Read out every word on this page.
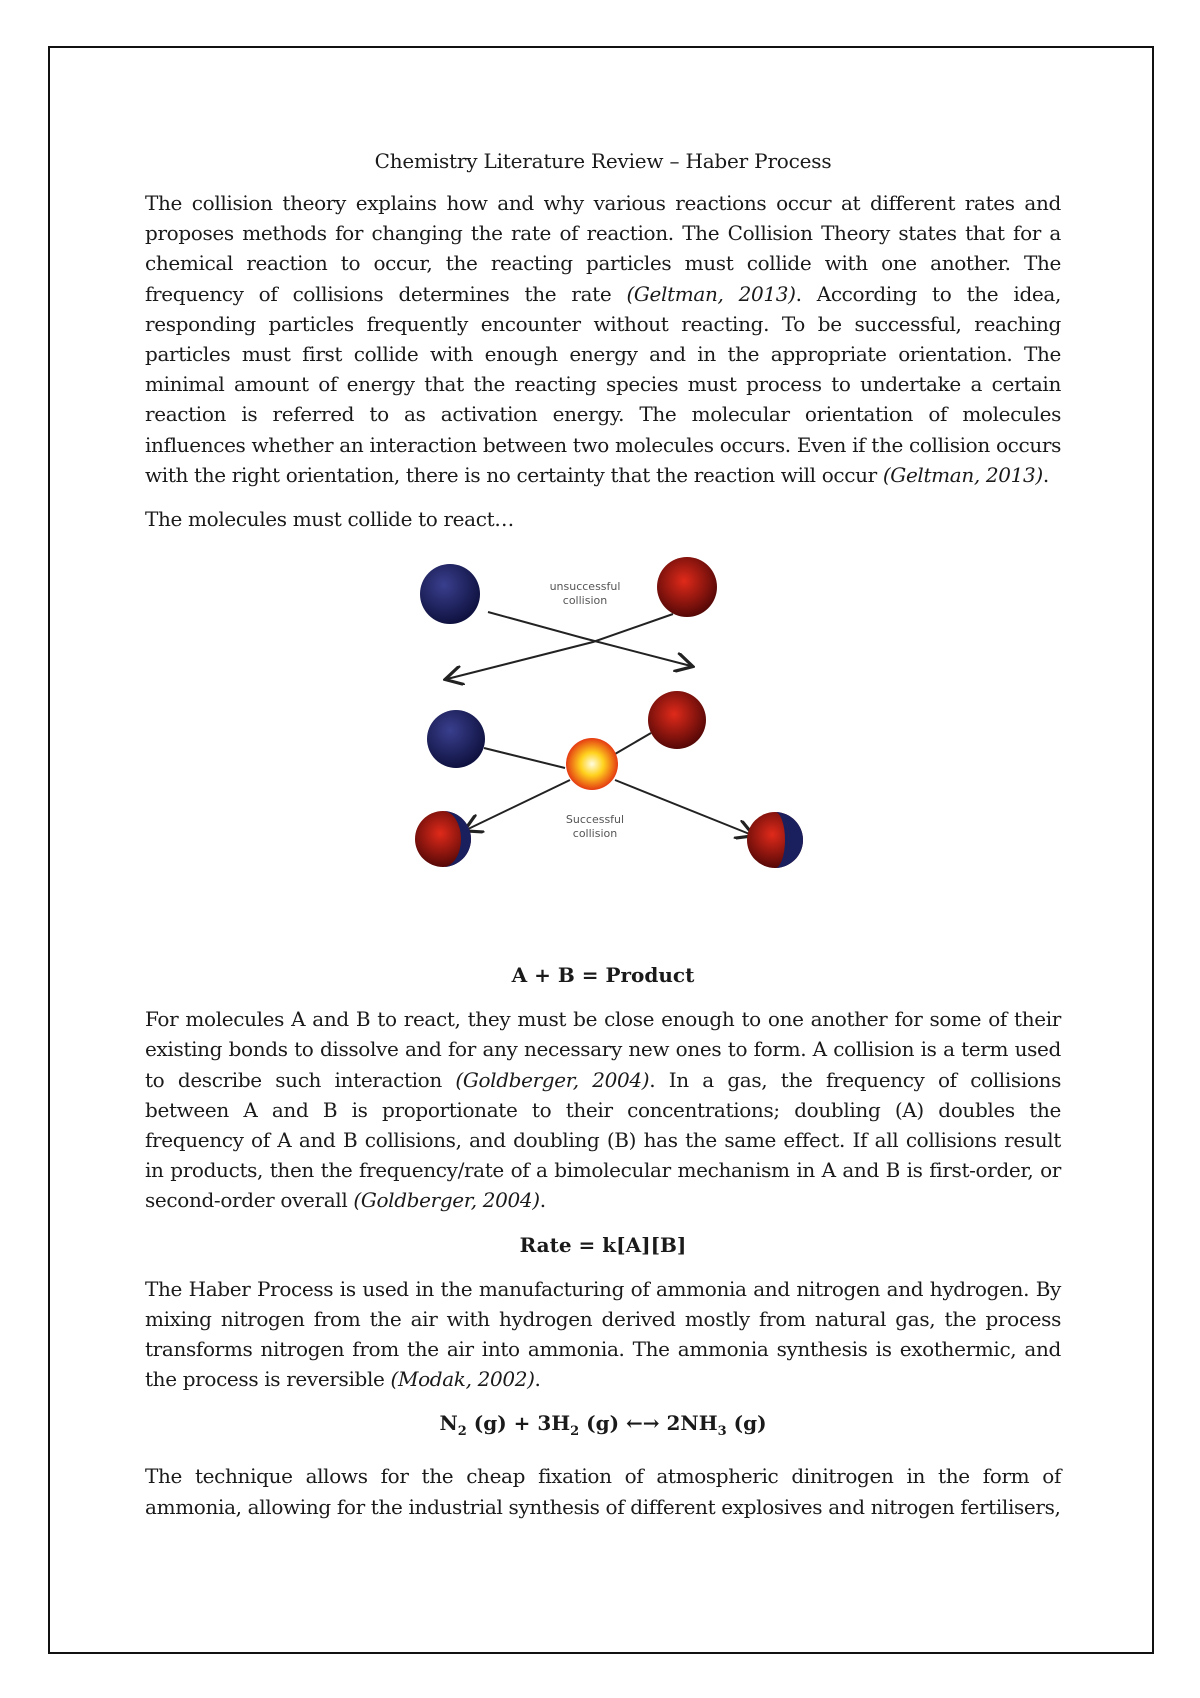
Chemistry Literature Review – Haber Process

The collision theory explains how and why various reactions occur at different rates and proposes methods for changing the rate of reaction. The Collision Theory states that for a chemical reaction to occur, the reacting particles must collide with one another. The frequency of collisions determines the rate (Geltman, 2013). According to the idea, responding particles frequently encounter without reacting. To be successful, reaching particles must first collide with enough energy and in the appropriate orientation. The minimal amount of energy that the reacting species must process to undertake a certain reaction is referred to as activation energy. The molecular orientation of molecules influences whether an interaction between two molecules occurs. Even if the collision occurs with the right orientation, there is no certainty that the reaction will occur (Geltman, 2013).

The molecules must collide to react…

unsuccessful
collision
Successful
collision
A + B = Product

For molecules A and B to react, they must be close enough to one another for some of their existing bonds to dissolve and for any necessary new ones to form. A collision is a term used to describe such interaction (Goldberger, 2004). In a gas, the frequency of collisions between A and B is proportionate to their concentrations; doubling (A) doubles the frequency of A and B collisions, and doubling (B) has the same effect. If all collisions result in products, then the frequency/rate of a bimolecular mechanism in A and B is first-order, or second-order overall (Goldberger, 2004).

Rate = k[A][B]

The Haber Process is used in the manufacturing of ammonia and nitrogen and hydrogen. By mixing nitrogen from the air with hydrogen derived mostly from natural gas, the process transforms nitrogen from the air into ammonia. The ammonia synthesis is exothermic, and the process is reversible (Modak, 2002).

$N_2$ $(g) + 3H_2$ (g) ←→ $2NH_3$ (g)

The technique allows for the cheap fixation of atmospheric dinitrogen in the form of ammonia, allowing for the industrial synthesis of different explosives and nitrogen fertilisers,
